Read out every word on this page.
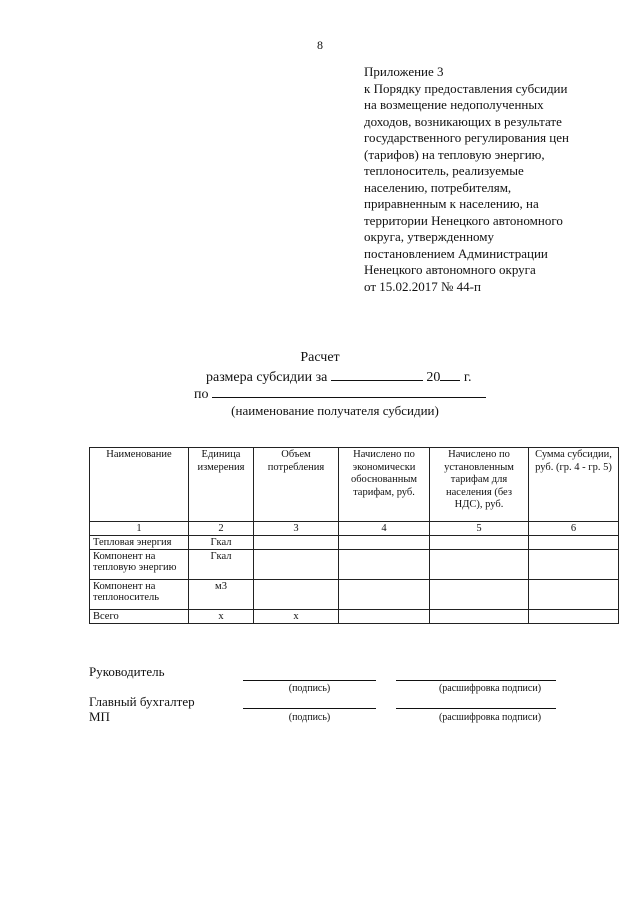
8
Приложение 3
к Порядку предоставления субсидии
на возмещение недополученных
доходов, возникающих в результате
государственного регулирования цен
(тарифов) на тепловую энергию,
теплоноситель, реализуемые
населению, потребителям,
приравненным к населению, на
территории Ненецкого автономного
округа, утвержденному
постановлением Администрации
Ненецкого автономного округа
от 15.02.2017 № 44-п
Расчет
размера субсидии за	20 г.
по
(наименование получателя субсидии)
Наименование	Единица измерения	Объем потребления	Начислено по экономически обоснованным тарифам, руб.	Начислено по установленным тарифам для населения (без НДС), руб.	Сумма субсидии, руб. (гр. 4 - гр. 5)
1	2	3	4	5	6
Тепловая энергия	Гкал				
Компонент на тепловую энергию	Гкал				
Компонент на теплоноситель	м3				
Всего	х	х			
Руководитель
(подпись)	(расшифровка подписи)
Главный бухгалтер
МП	(подпись)	(расшифровка подписи)
